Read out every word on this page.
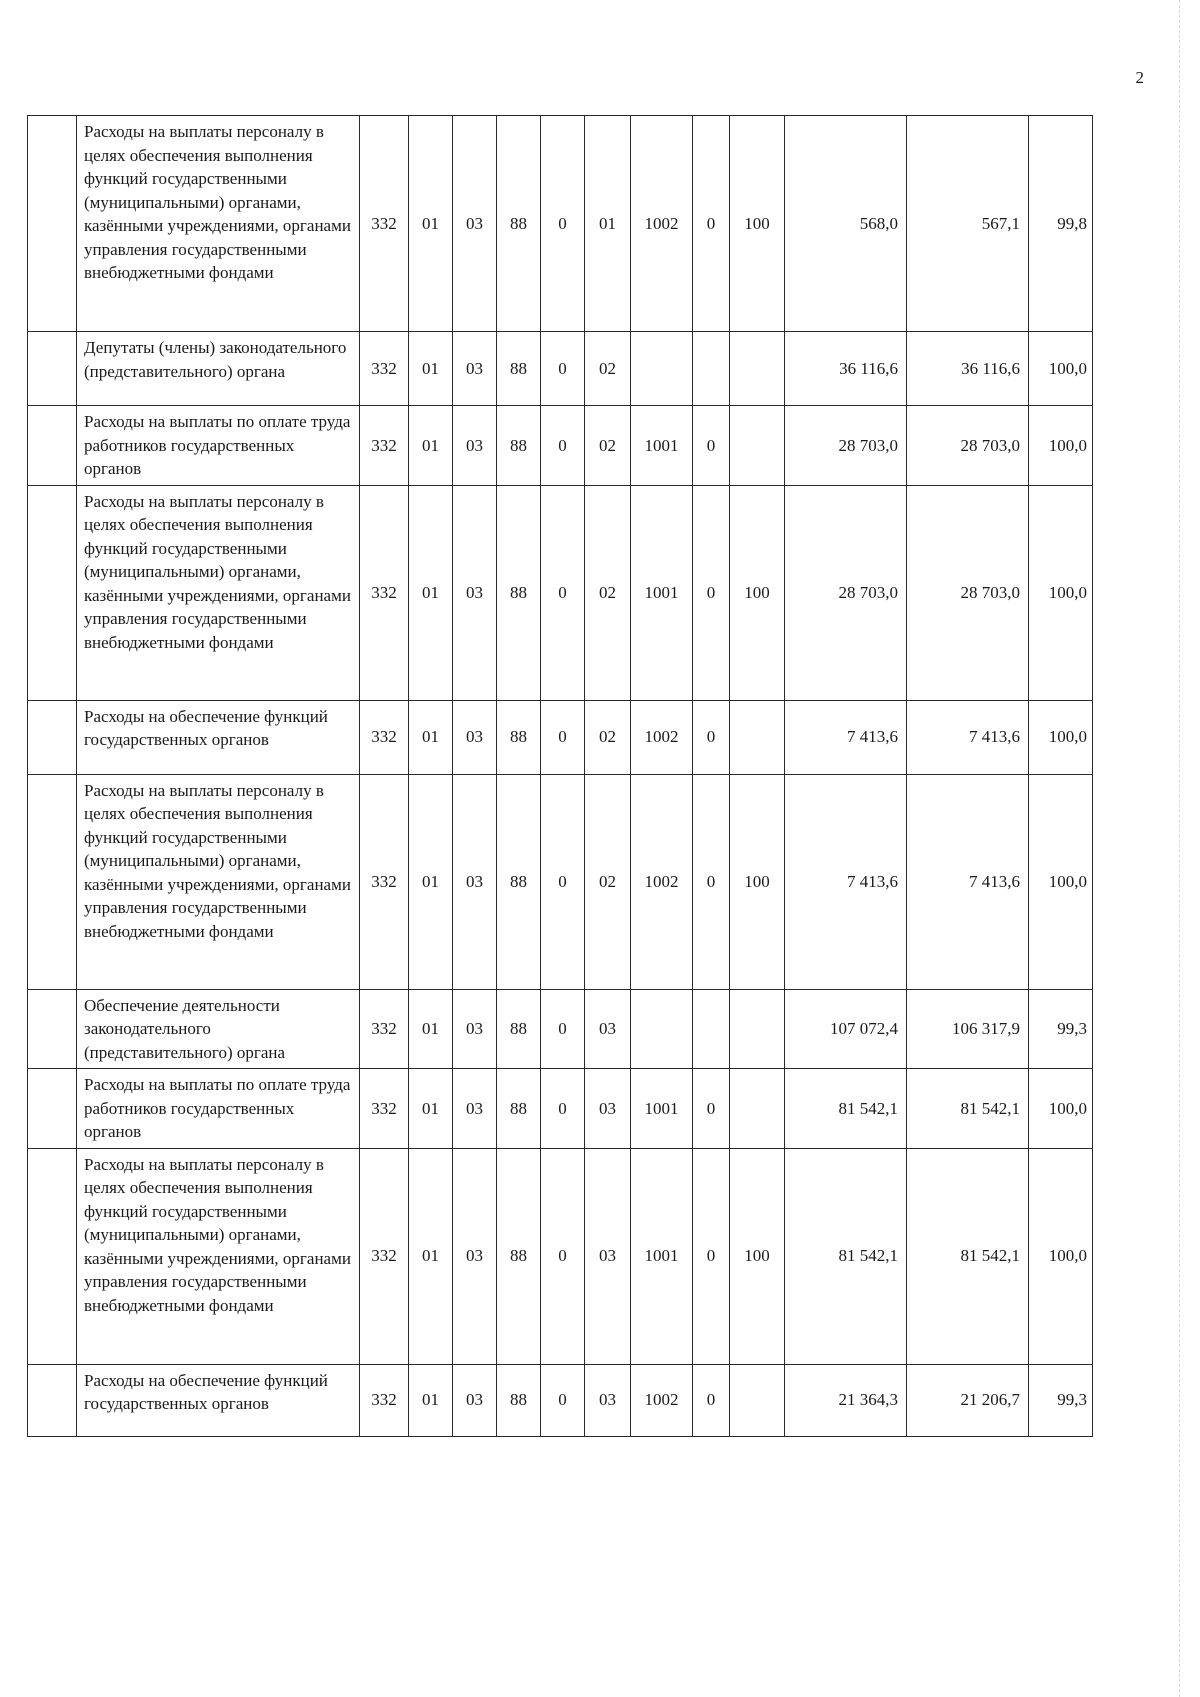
2
	Расходы на выплаты персоналу в целях обеспечения выполнения функций государственными (муниципальными) органами, казёнными учреждениями, органами управления государственными внебюджетными фондами	332	01	03	88	0	01	1002	0	100	568,0	567,1	99,8
	Депутаты (члены) законодательного (представительного) органа	332	01	03	88	0	02				36 116,6	36 116,6	100,0
	Расходы на выплаты по оплате труда работников государственных органов	332	01	03	88	0	02	1001	0		28 703,0	28 703,0	100,0
	Расходы на выплаты персоналу в целях обеспечения выполнения функций государственными (муниципальными) органами, казёнными учреждениями, органами управления государственными внебюджетными фондами	332	01	03	88	0	02	1001	0	100	28 703,0	28 703,0	100,0
	Расходы на обеспечение функций государственных органов	332	01	03	88	0	02	1002	0		7 413,6	7 413,6	100,0
	Расходы на выплаты персоналу в целях обеспечения выполнения функций государственными (муниципальными) органами, казёнными учреждениями, органами управления государственными внебюджетными фондами	332	01	03	88	0	02	1002	0	100	7 413,6	7 413,6	100,0
	Обеспечение деятельности законодательного (представительного) органа	332	01	03	88	0	03				107 072,4	106 317,9	99,3
	Расходы на выплаты по оплате труда работников государственных органов	332	01	03	88	0	03	1001	0		81 542,1	81 542,1	100,0
	Расходы на выплаты персоналу в целях обеспечения выполнения функций государственными (муниципальными) органами, казёнными учреждениями, органами управления государственными внебюджетными фондами	332	01	03	88	0	03	1001	0	100	81 542,1	81 542,1	100,0
	Расходы на обеспечение функций государственных органов	332	01	03	88	0	03	1002	0		21 364,3	21 206,7	99,3
